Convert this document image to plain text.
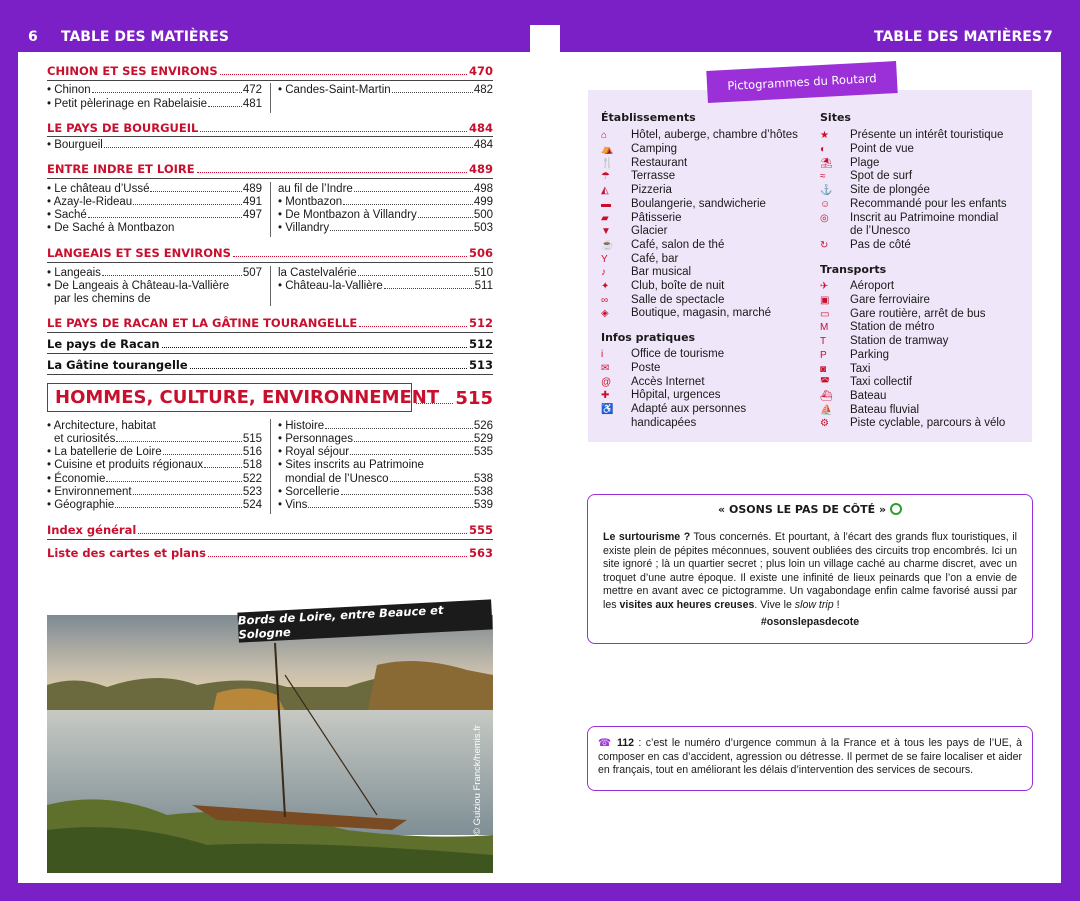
6 TABLE DES MATIÈRES	TABLE DES MATIÈRES 7
CHINON ET SES ENVIRONS	470
• Chinon	472
• Petit pèlerinage en Rabelaisie	481
• Candes-Saint-Martin	482
LE PAYS DE BOURGUEIL	484
• Bourgueil	484
ENTRE INDRE ET LOIRE	489
• Le château d’Ussé	489
• Azay-le-Rideau	491
• Saché	497
• De Saché à Montbazon
au fil de l’Indre	498
• Montbazon	499
• De Montbazon à Villandry	500
• Villandry	503
LANGEAIS ET SES ENVIRONS	506
• Langeais	507
• De Langeais à Château-la-Vallière
par les chemins de
la Castelvalérie	510
• Château-la-Vallière	511
LE PAYS DE RACAN ET LA GÂTINE TOURANGELLE	512
Le pays de Racan	512
La Gâtine tourangelle	513
HOMMES, CULTURE, ENVIRONNEMENT 515
• Architecture, habitat
et curiosités	515
• La batellerie de Loire	516
• Cuisine et produits régionaux	518
• Économie	522
• Environnement	523
• Géographie	524
• Histoire	526
• Personnages	529
• Royal séjour	535
• Sites inscrits au Patrimoine
mondial de l’Unesco	538
• Sorcellerie	538
• Vins	539
Index général	555
Liste des cartes et plans	563
Bords de Loire, entre Beauce et Sologne
© Guiziou Franck/hemis.fr
Pictogrammes du Routard
Établissements
⌂	Hôtel, auberge, chambre d’hôtes
⛺	Camping
🍴	Restaurant
☂	Terrasse
◭	Pizzeria
▬	Boulangerie, sandwicherie
▰	Pâtisserie
▼	Glacier
☕	Café, salon de thé
Y	Café, bar
♪	Bar musical
✦	Club, boîte de nuit
∞	Salle de spectacle
◈	Boutique, magasin, marché
Infos pratiques
i	Office de tourisme
✉	Poste
@	Accès Internet
✚	Hôpital, urgences
♿	Adapté aux personnes
handicapées
Sites
★	Présente un intérêt touristique
◐	Point de vue
⛱	Plage
≈	Spot de surf
⚓	Site de plongée
☺	Recommandé pour les enfants
◎	Inscrit au Patrimoine mondial
de l’Unesco
↻	Pas de côté
Transports
✈	Aéroport
▣	Gare ferroviaire
▭	Gare routière, arrêt de bus
M	Station de métro
T	Station de tramway
P	Parking
◙	Taxi
◚	Taxi collectif
⛴	Bateau
⛵	Bateau fluvial
⚙	Piste cyclable, parcours à vélo
« OSONS LE PAS DE CÔTÉ »
Le surtourisme ? Tous concernés. Et pourtant, à l’écart des grands flux touristiques, il existe plein de pépites méconnues, souvent oubliées des circuits trop encombrés. Ici un site ignoré ; là un quartier secret ; plus loin un village caché au charme discret, avec un troquet d’une autre époque. Il existe une infinité de lieux peinards que l’on a envie de mettre en avant avec ce pictogramme. Un vagabondage enfin calme favorisé aussi par les visites aux heures creuses. Vive le slow trip !
#osonslepasdecote
☎ 112 : c’est le numéro d’urgence commun à la France et à tous les pays de l’UE, à composer en cas d’accident, agression ou détresse. Il permet de se faire localiser et aider en français, tout en améliorant les délais d’intervention des services de secours.
